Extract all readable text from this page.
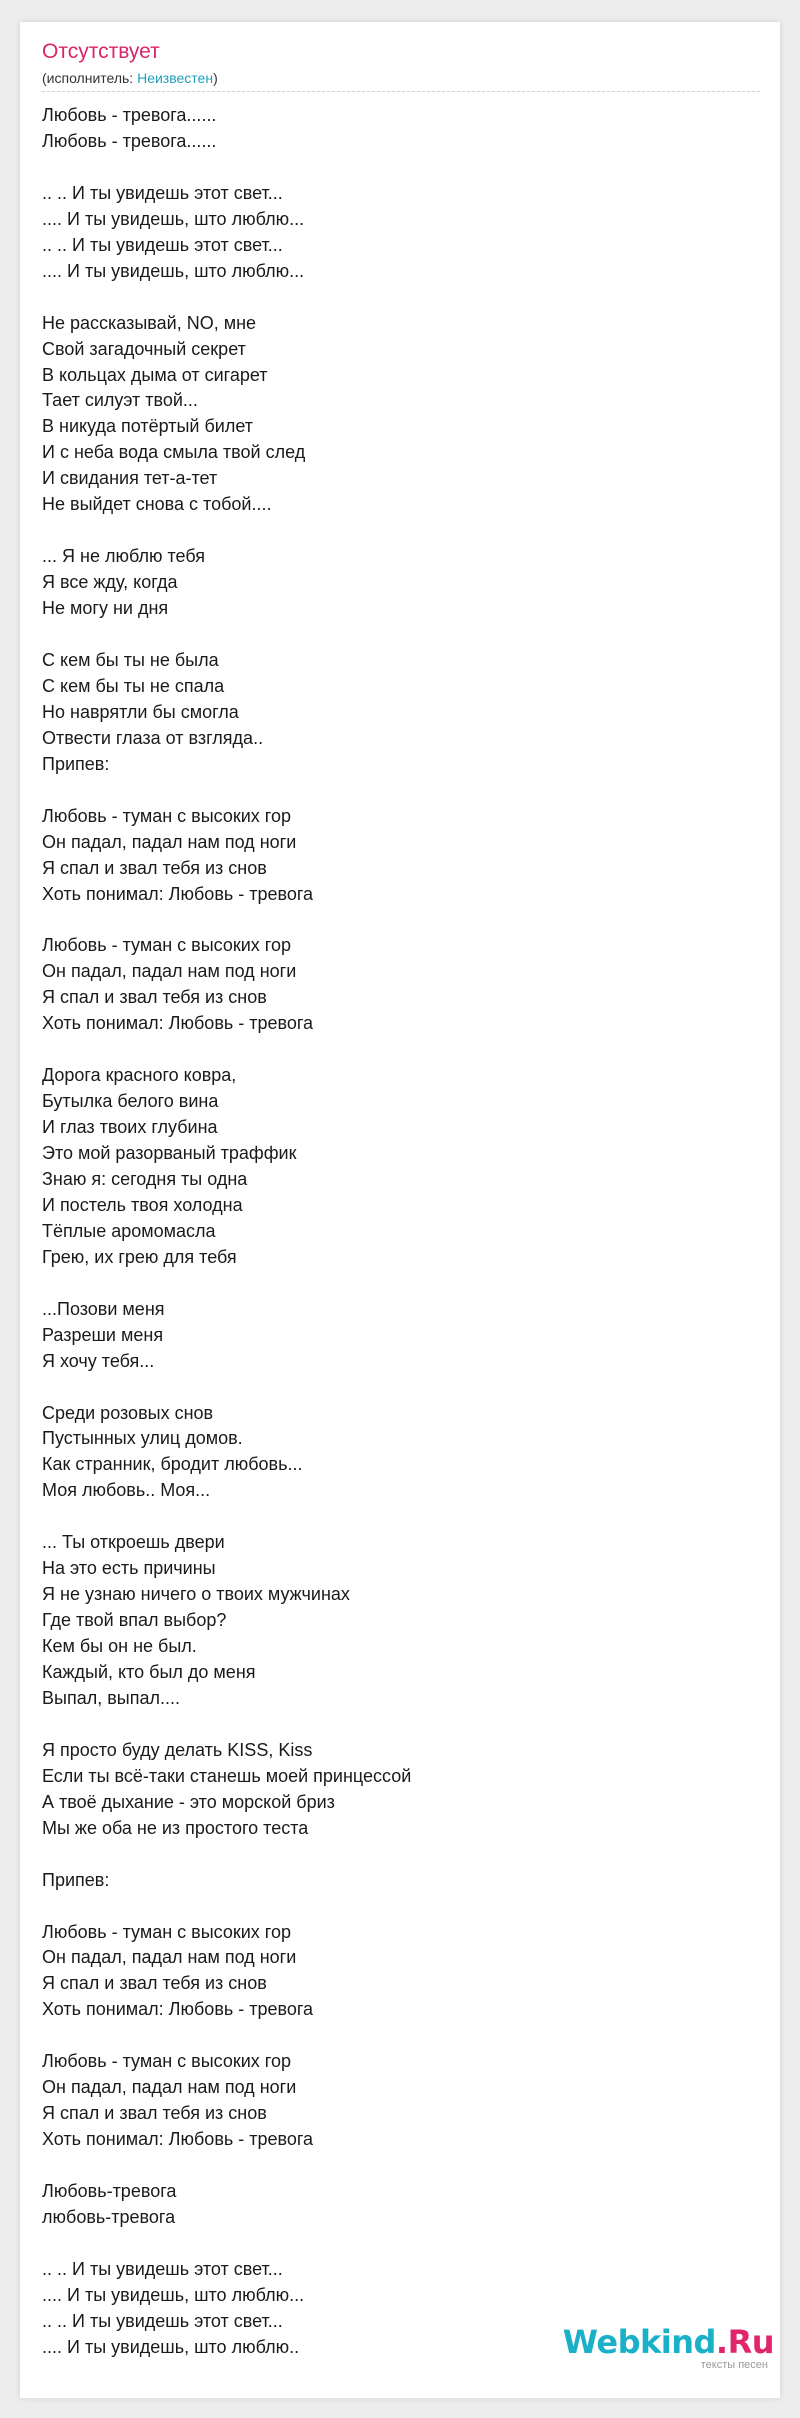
Отсутствует
(исполнитель: Неизвестен)
Любовь - тревога......
Любовь - тревога......
.. .. И ты увидешь этот свет...
.... И ты увидешь, што люблю...
.. .. И ты увидешь этот свет...
.... И ты увидешь, што люблю...
Не рассказывай, NO, мне
Свой загадочный секрет
В кольцах дыма от сигарет
Тает силуэт твой...
В никуда потёртый билет
И с неба вода смыла твой след
И свидания тет-а-тет
Не выйдет снова с тобой....
... Я не люблю тебя
Я все жду, когда
Не могу ни дня
С кем бы ты не была
С кем бы ты не спала
Но наврятли бы смогла
Отвести глаза от взгляда..
Припев:
Любовь - туман с высоких гор
Он падал, падал нам под ноги
Я спал и звал тебя из снов
Хоть понимал: Любовь - тревога
Любовь - туман с высоких гор
Он падал, падал нам под ноги
Я спал и звал тебя из снов
Хоть понимал: Любовь - тревога
Дорога красного ковра,
Бутылка белого вина
И глаз твоих глубина
Это мой разорваный траффик
Знаю я: сегодня ты одна
И постель твоя холодна
Тёплые аромомасла
Грею, их грею для тебя
...Позови меня
Разреши меня
Я хочу тебя...
Среди розовых снов
Пустынных улиц домов.
Как странник, бродит любовь...
Моя любовь.. Моя...
... Ты откроешь двери
На это есть причины
Я не узнаю ничего о твоих мужчинах
Где твой впал выбор?
Кем бы он не был.
Каждый, кто был до меня
Выпал, выпал....
Я просто буду делать KISS, Kiss
Если ты всё-таки станешь моей принцессой
А твоё дыхание - это морской бриз
Мы же оба не из простого теста
Припев:
Любовь - туман с высоких гор
Он падал, падал нам под ноги
Я спал и звал тебя из снов
Хоть понимал: Любовь - тревога
Любовь - туман с высоких гор
Он падал, падал нам под ноги
Я спал и звал тебя из снов
Хоть понимал: Любовь - тревога
Любовь-тревога
любовь-тревога
.. .. И ты увидешь этот свет...
.... И ты увидешь, што люблю...
.. .. И ты увидешь этот свет...
.... И ты увидешь, што люблю..	Webkind.Ru
тексты песен
